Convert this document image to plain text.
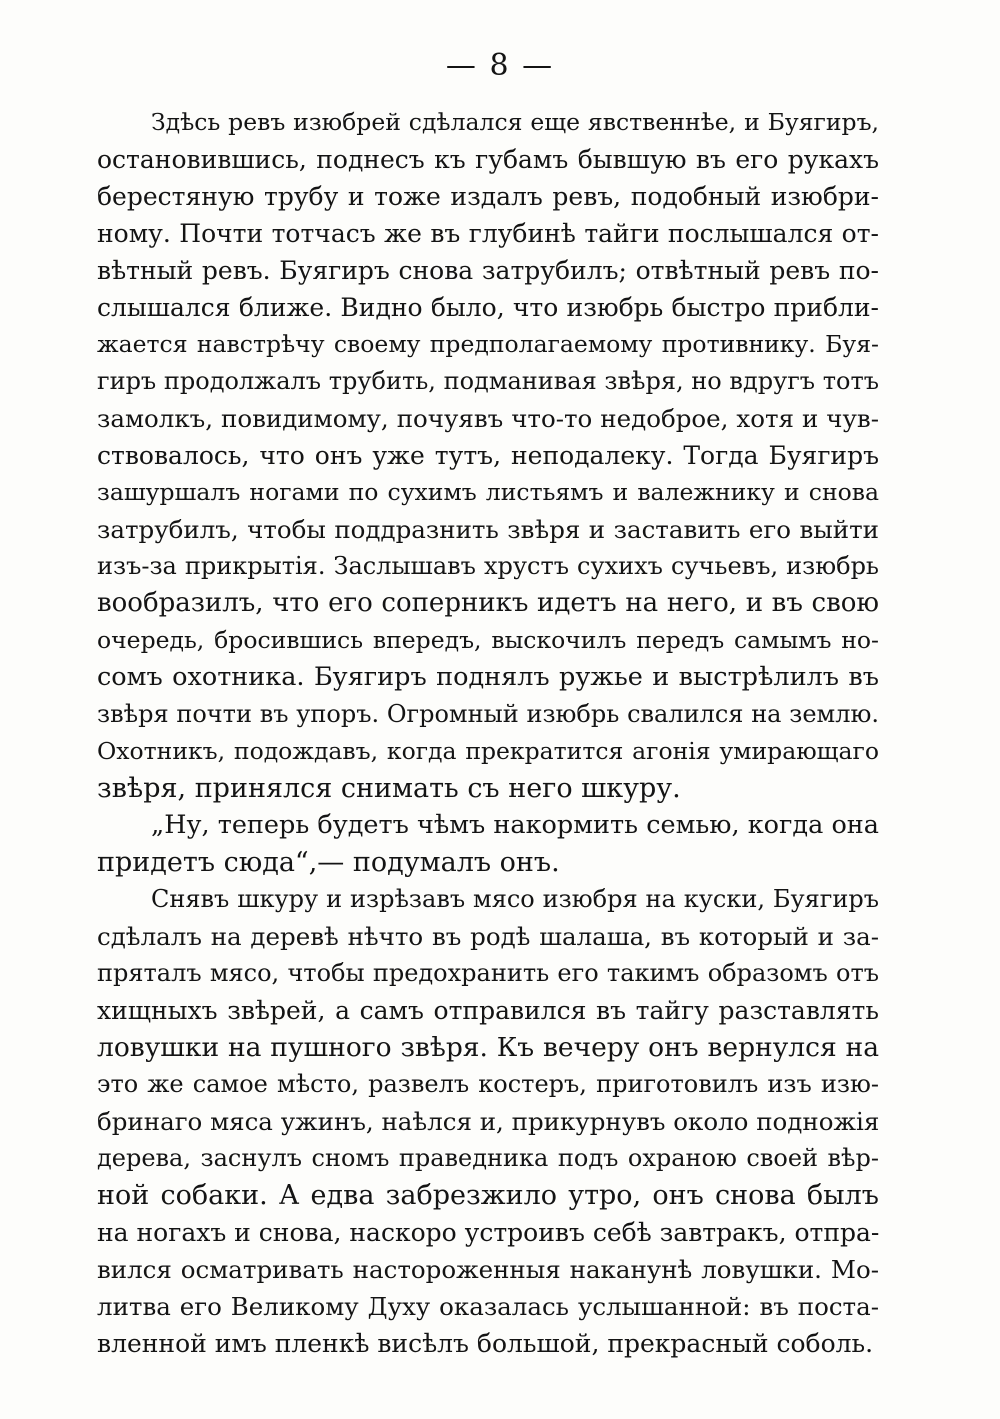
— 8 —
Здѣсь ревъ изюбрей сдѣлался еще явственнѣе, и Буягиръ,
остановившись, поднесъ къ губамъ бывшую въ его рукахъ
берестяную трубу и тоже издалъ ревъ, подобный изюбри-
ному. Почти тотчасъ же въ глубинѣ тайги послышался от-
вѣтный ревъ. Буягиръ снова затрубилъ; отвѣтный ревъ по-
слышался ближе. Видно было, что изюбрь быстро прибли-
жается навстрѣчу своему предполагаемому противнику. Буя-
гиръ продолжалъ трубить, подманивая звѣря, но вдругъ тотъ
замолкъ, повидимому, почуявъ что-то недоброе, хотя и чув-
ствовалось, что онъ уже тутъ, неподалеку. Тогда Буягиръ
зашуршалъ ногами по сухимъ листьямъ и валежнику и снова
затрубилъ, чтобы поддразнить звѣря и заставить его выйти
изъ-за прикрытія. Заслышавъ хрустъ сухихъ сучьевъ, изюбрь
вообразилъ, что его соперникъ идетъ на него, и въ свою
очередь, бросившись впередъ, выскочилъ передъ самымъ но-
сомъ охотника. Буягиръ поднялъ ружье и выстрѣлилъ въ
звѣря почти въ упоръ. Огромный изюбрь свалился на землю.
Охотникъ, подождавъ, когда прекратится агонія умирающаго
звѣря, принялся снимать съ него шкуру.
„Ну, теперь будетъ чѣмъ накормить семью, когда она
придетъ сюда“,— подумалъ онъ.
Снявъ шкуру и изрѣзавъ мясо изюбря на куски, Буягиръ
сдѣлалъ на деревѣ нѣчто въ родѣ шалаша, въ который и за-
пряталъ мясо, чтобы предохранить его такимъ образомъ отъ
хищныхъ звѣрей, а самъ отправился въ тайгу разставлять
ловушки на пушного звѣря. Къ вечеру онъ вернулся на
это же самое мѣсто, развелъ костеръ, приготовилъ изъ изю-
бринаго мяса ужинъ, наѣлся и, прикурнувъ около подножія
дерева, заснулъ сномъ праведника подъ охраною своей вѣр-
ной собаки. А едва забрезжило утро, онъ снова былъ
на ногахъ и снова, наскоро устроивъ себѣ завтракъ, отпра-
вился осматривать настороженныя наканунѣ ловушки. Мо-
литва его Великому Духу оказалась услышанной: въ поста-
вленной имъ пленкѣ висѣлъ большой, прекрасный соболь.
